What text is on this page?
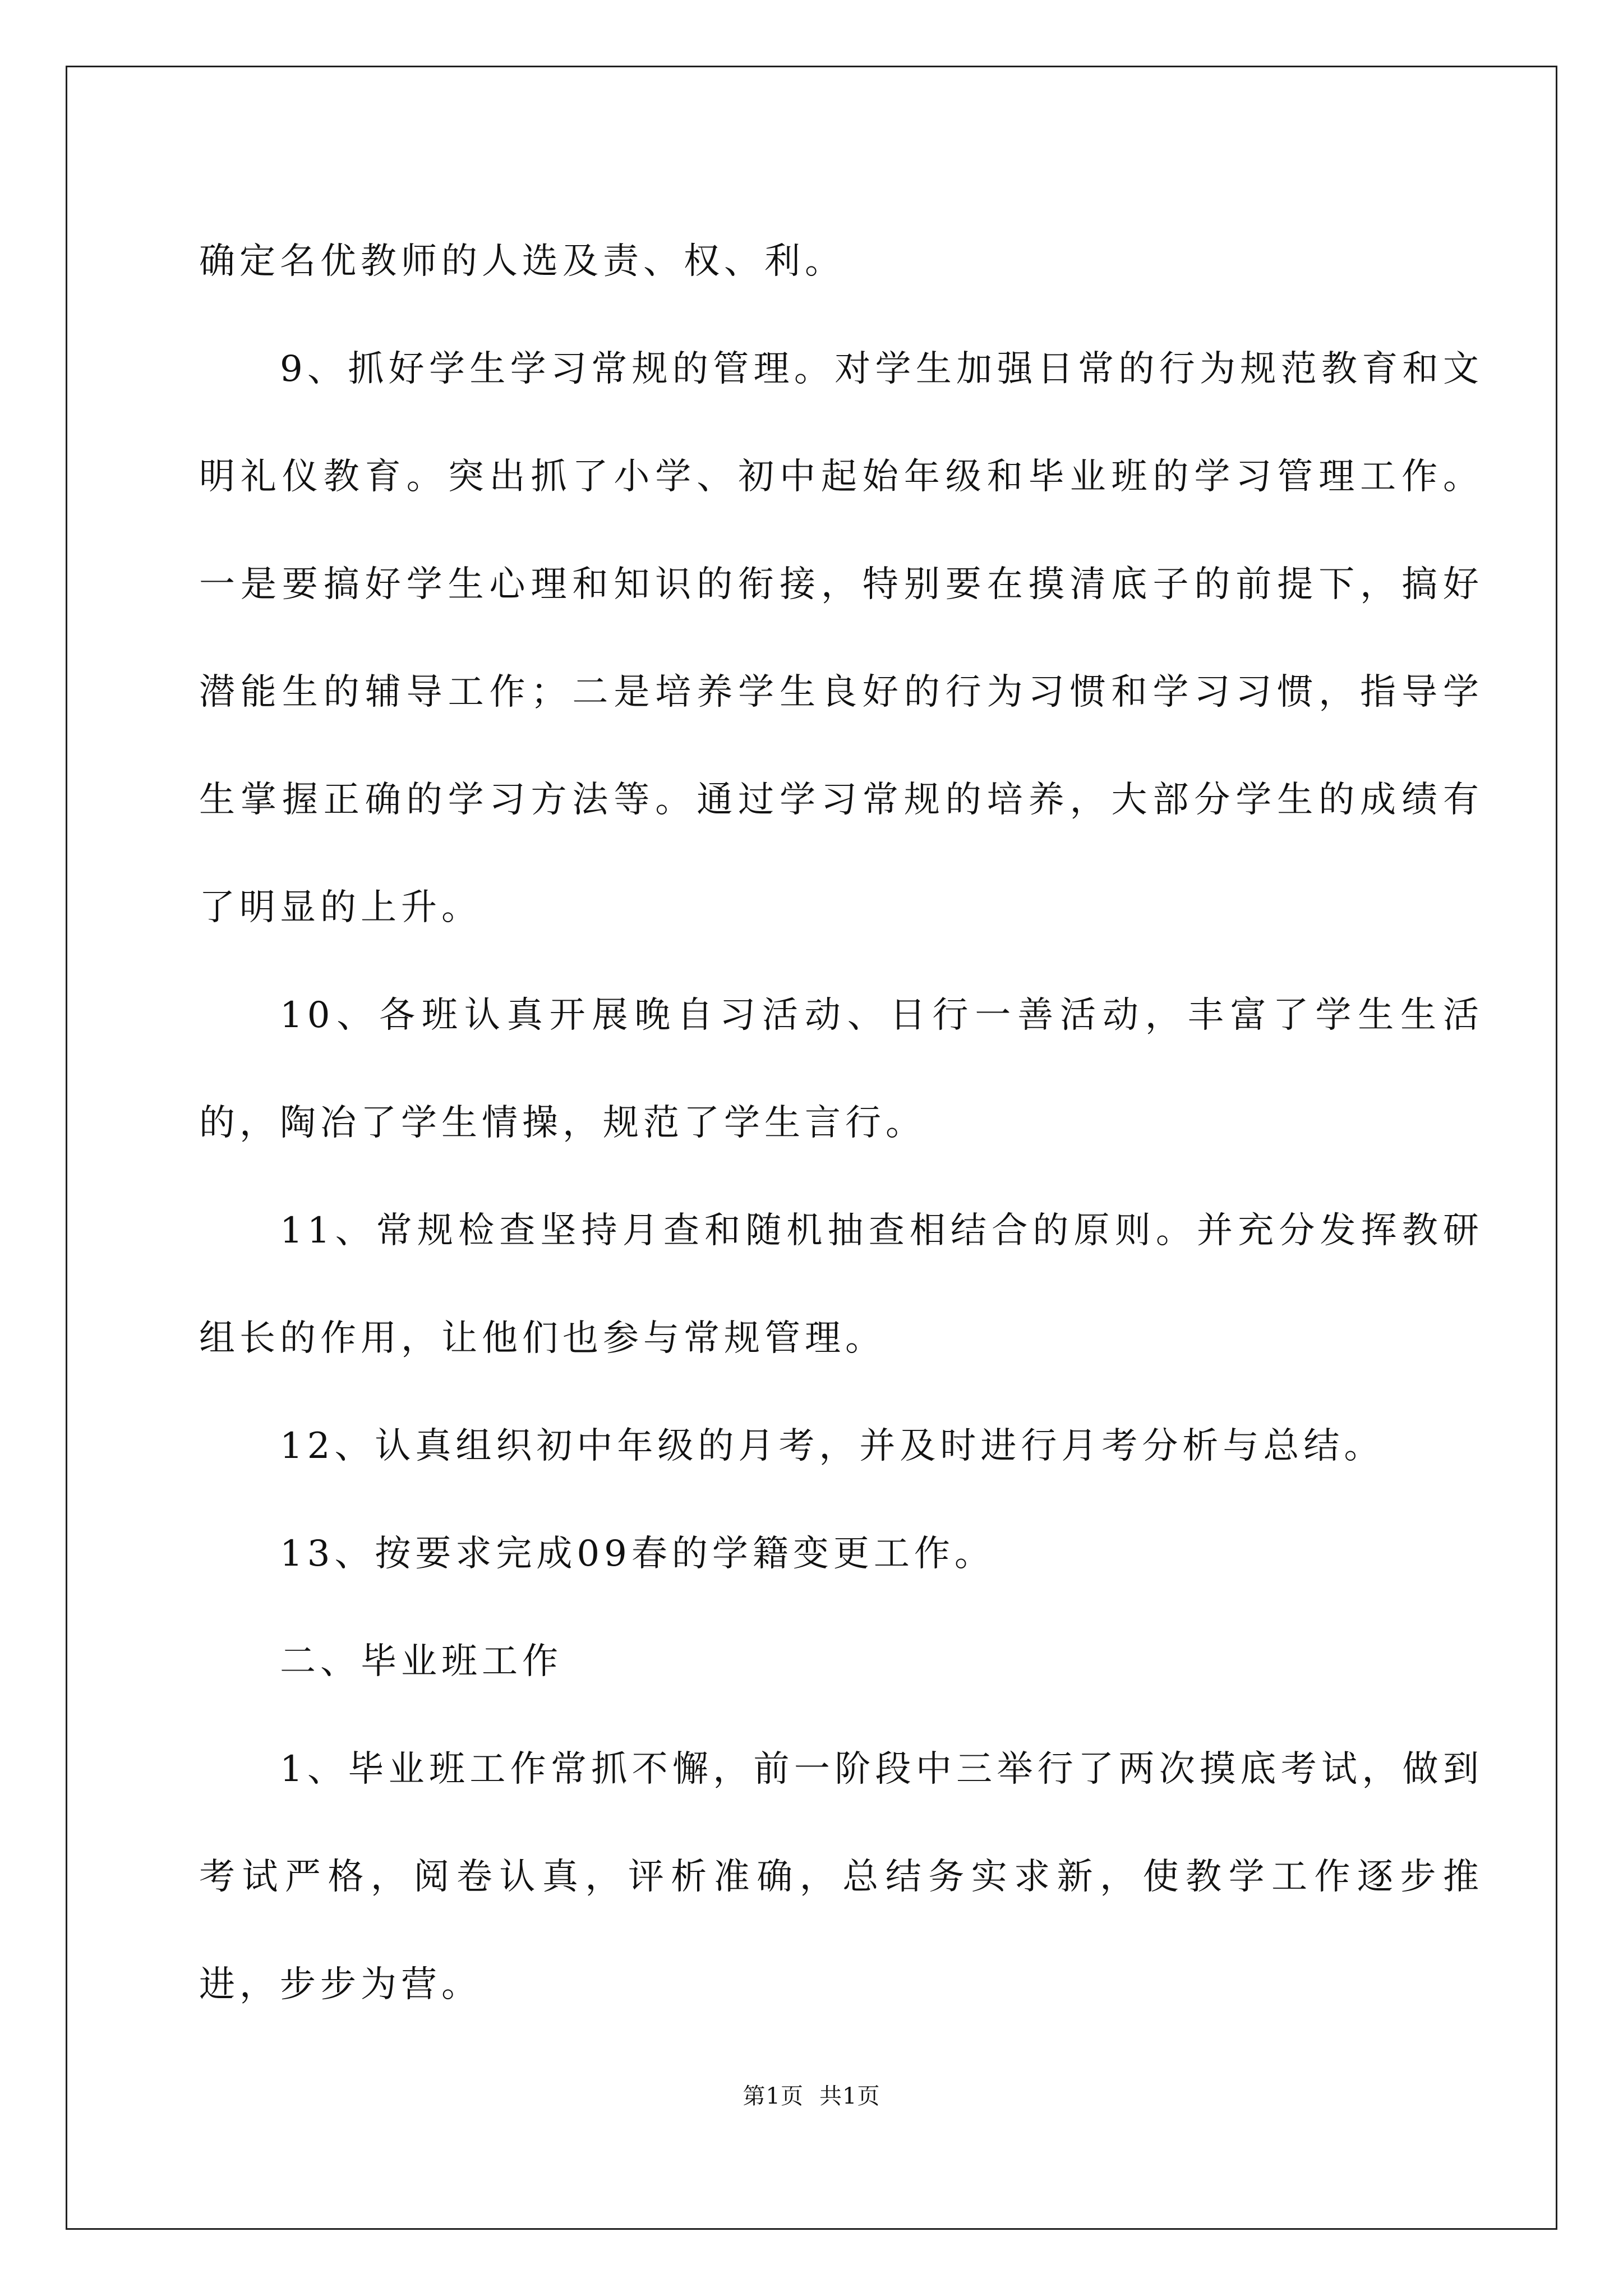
确定名优教师的人选及责、权、利。

9、抓好学生学习常规的管理。对学生加强日常的行为规范教育和文明礼仪教育。突出抓了小学、初中起始年级和毕业班的学习管理工作。一是要搞好学生心理和知识的衔接，特别要在摸清底子的前提下，搞好潜能生的辅导工作；二是培养学生良好的行为习惯和学习习惯，指导学生掌握正确的学习方法等。通过学习常规的培养，大部分学生的成绩有了明显的上升。

10、各班认真开展晚自习活动、日行一善活动，丰富了学生生活的，陶冶了学生情操，规范了学生言行。

11、常规检查坚持月查和随机抽查相结合的原则。并充分发挥教研组长的作用，让他们也参与常规管理。

12、认真组织初中年级的月考，并及时进行月考分析与总结。

13、按要求完成09春的学籍变更工作。

二、毕业班工作

1、毕业班工作常抓不懈，前一阶段中三举行了两次摸底考试，做到考试严格，阅卷认真，评析准确，总结务实求新，使教学工作逐步推进，步步为营。

第1页 共1页
